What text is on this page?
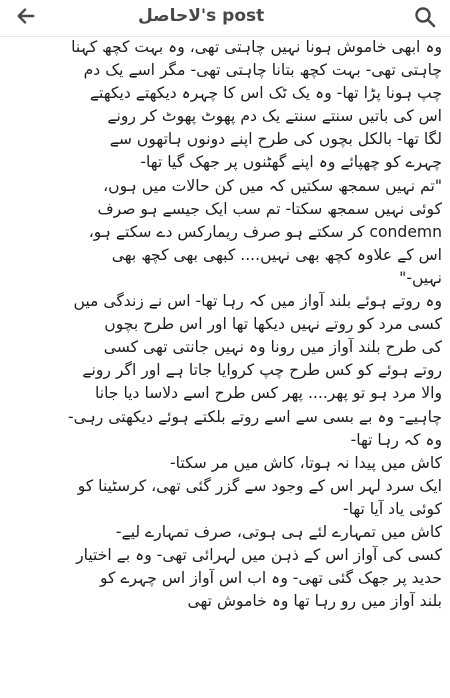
لاحاصل's post
وہ ابھی خاموش ہونا نہیں چاہتی تھی، وہ بہت کچھ کہنا
چاہتی تھی- بہت کچھ بتانا چاہتی تھی- مگر اسے یک دم
چپ ہونا پڑا تھا- وہ یک ٹک اس کا چہرہ دیکھتے دیکھتے
اس کی باتیں سنتے سنتے یک دم پھوٹ پھوٹ کر رونے
لگا تھا- بالکل بچوں کی طرح اپنے دونوں ہاتھوں سے
چہرے کو چھپائے وہ اپنے گھٹنوں پر جھک گیا تھا-
"تم نہیں سمجھ سکتیں کہ میں کن حالات میں ہوں،
کوئی نہیں سمجھ سکتا- تم سب ایک جیسے ہو صرف
condemn کر سکتے ہو صرف ریمارکس دے سکتے ہو،
اس کے علاوہ کچھ بھی نہیں.... کبھی بھی کچھ بھی
نہیں-"
وہ روتے ہوئے بلند آواز میں کہ رہا تھا- اس نے زندگی میں
کسی مرد کو روتے نہیں دیکھا تھا اور اس طرح بچوں
کی طرح بلند آواز میں رونا وہ نہیں جانتی تھی کسی
روتے ہوئے کو کس طرح چپ کروایا جاتا ہے اور اگر رونے
والا مرد ہو تو پھر.... پھر کس طرح اسے دلاسا دیا جانا
چاہیے- وہ بے بسی سے اسے روتے بلکتے ہوئے دیکھتی رہی-
وہ کہ رہا تھا-
کاش میں پیدا نہ ہوتا، کاش میں مر سکتا-
ایک سرد لہر اس کے وجود سے گزر گئی تھی، کرسٹینا کو
کوئی یاد آیا تھا-
کاش میں تمہارے لئے ہی ہوتی، صرف تمہارے لیے-
کسی کی آواز اس کے ذہن میں لہرائی تھی- وہ بے اختیار
حدید پر جھک گئی تھی- وہ اب اس آواز اس چہرے کو
بلند آواز میں رو رہا تھا وہ خاموش تھی
